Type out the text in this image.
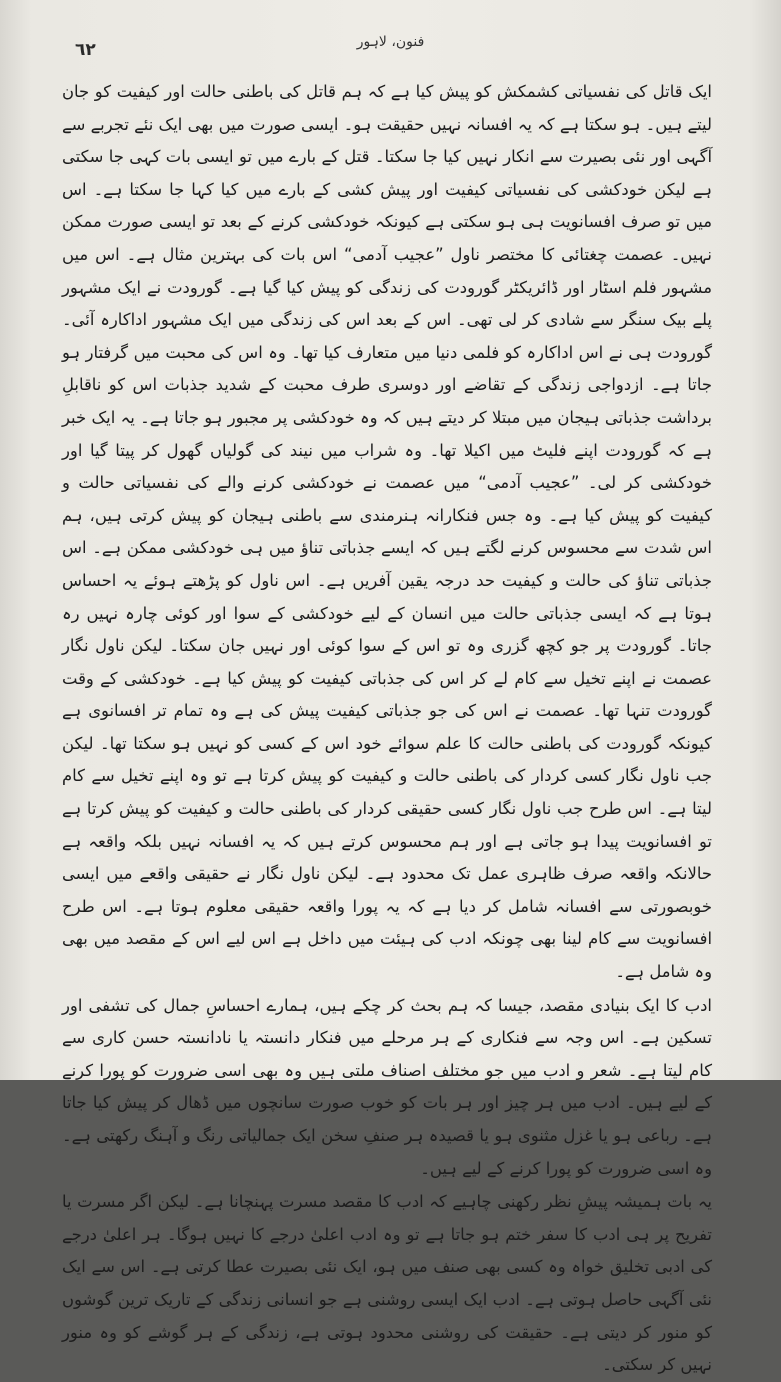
٦٢	فنون، لاہور

ایک قاتل کی نفسیاتی کشمکش کو پیش کیا ہے کہ ہم قاتل کی باطنی حالت اور کیفیت کو جان لیتے ہیں۔ ہو سکتا ہے کہ یہ افسانہ نہیں حقیقت ہو۔ ایسی صورت میں بھی ایک نئے تجربے سے آگہی اور نئی بصیرت سے انکار نہیں کیا جا سکتا۔ قتل کے بارے میں تو ایسی بات کہی جا سکتی ہے لیکن خودکشی کی نفسیاتی کیفیت اور پیش کشی کے بارے میں کیا کہا جا سکتا ہے۔ اس میں تو صرف افسانویت ہی ہو سکتی ہے کیونکہ خودکشی کرنے کے بعد تو ایسی صورت ممکن نہیں۔ عصمت چغتائی کا مختصر ناول ”عجیب آدمی“ اس بات کی بہترین مثال ہے۔ اس میں مشہور فلم اسٹار اور ڈائریکٹر گورودت کی زندگی کو پیش کیا گیا ہے۔ گورودت نے ایک مشہور پلے بیک سنگر سے شادی کر لی تھی۔ اس کے بعد اس کی زندگی میں ایک مشہور اداکارہ آئی۔ گورودت ہی نے اس اداکارہ کو فلمی دنیا میں متعارف کیا تھا۔ وہ اس کی محبت میں گرفتار ہو جاتا ہے۔ ازدواجی زندگی کے تقاضے اور دوسری طرف محبت کے شدید جذبات اس کو ناقابلِ برداشت جذباتی ہیجان میں مبتلا کر دیتے ہیں کہ وہ خودکشی پر مجبور ہو جاتا ہے۔ یہ ایک خبر ہے کہ گورودت اپنے فلیٹ میں اکیلا تھا۔ وہ شراب میں نیند کی گولیاں گھول کر پیتا گیا اور خودکشی کر لی۔ ”عجیب آدمی“ میں عصمت نے خودکشی کرنے والے کی نفسیاتی حالت و کیفیت کو پیش کیا ہے۔ وہ جس فنکارانہ ہنرمندی سے باطنی ہیجان کو پیش کرتی ہیں، ہم اس شدت سے محسوس کرنے لگتے ہیں کہ ایسے جذباتی تناؤ میں ہی خودکشی ممکن ہے۔ اس جذباتی تناؤ کی حالت و کیفیت حد درجہ یقین آفریں ہے۔ اس ناول کو پڑھتے ہوئے یہ احساس ہوتا ہے کہ ایسی جذباتی حالت میں انسان کے لیے خودکشی کے سوا اور کوئی چارہ نہیں رہ جاتا۔ گورودت پر جو کچھ گزری وہ تو اس کے سوا کوئی اور نہیں جان سکتا۔ لیکن ناول نگار عصمت نے اپنے تخیل سے کام لے کر اس کی جذباتی کیفیت کو پیش کیا ہے۔ خودکشی کے وقت گورودت تنہا تھا۔ عصمت نے اس کی جو جذباتی کیفیت پیش کی ہے وہ تمام تر افسانوی ہے کیونکہ گورودت کی باطنی حالت کا علم سوائے خود اس کے کسی کو نہیں ہو سکتا تھا۔ لیکن جب ناول نگار کسی کردار کی باطنی حالت و کیفیت کو پیش کرتا ہے تو وہ اپنے تخیل سے کام لیتا ہے۔ اس طرح جب ناول نگار کسی حقیقی کردار کی باطنی حالت و کیفیت کو پیش کرتا ہے تو افسانویت پیدا ہو جاتی ہے اور ہم محسوس کرتے ہیں کہ یہ افسانہ نہیں بلکہ واقعہ ہے حالانکہ واقعہ صرف ظاہری عمل تک محدود ہے۔ لیکن ناول نگار نے حقیقی واقعے میں ایسی خوبصورتی سے افسانہ شامل کر دیا ہے کہ یہ پورا واقعہ حقیقی معلوم ہوتا ہے۔ اس طرح افسانویت سے کام لینا بھی چونکہ ادب کی ہیئت میں داخل ہے اس لیے اس کے مقصد میں بھی وہ شامل ہے۔

ادب کا ایک بنیادی مقصد، جیسا کہ ہم بحث کر چکے ہیں، ہمارے احساسِ جمال کی تشفی اور تسکین ہے۔ اس وجہ سے فنکاری کے ہر مرحلے میں فنکار دانستہ یا نادانستہ حسن کاری سے کام لیتا ہے۔ شعر و ادب میں جو مختلف اصناف ملتی ہیں وہ بھی اسی ضرورت کو پورا کرنے کے لیے ہیں۔ ادب میں ہر چیز اور ہر بات کو خوب صورت سانچوں میں ڈھال کر پیش کیا جاتا ہے۔ رباعی ہو یا غزل مثنوی ہو یا قصیدہ ہر صنفِ سخن ایک جمالیاتی رنگ و آہنگ رکھتی ہے۔ وہ اسی ضرورت کو پورا کرنے کے لیے ہیں۔

یہ بات ہمیشہ پیشِ نظر رکھنی چاہیے کہ ادب کا مقصد مسرت پہنچانا ہے۔ لیکن اگر مسرت یا تفریح پر ہی ادب کا سفر ختم ہو جاتا ہے تو وہ ادب اعلیٰ درجے کا نہیں ہوگا۔ ہر اعلیٰ درجے کی ادبی تخلیق خواہ وہ کسی بھی صنف میں ہو، ایک نئی بصیرت عطا کرتی ہے۔ اس سے ایک نئی آگہی حاصل ہوتی ہے۔ ادب ایک ایسی روشنی ہے جو انسانی زندگی کے تاریک ترین گوشوں کو منور کر دیتی ہے۔ حقیقت کی روشنی محدود ہوتی ہے، زندگی کے ہر گوشے کو وہ منور نہیں کر سکتی۔
